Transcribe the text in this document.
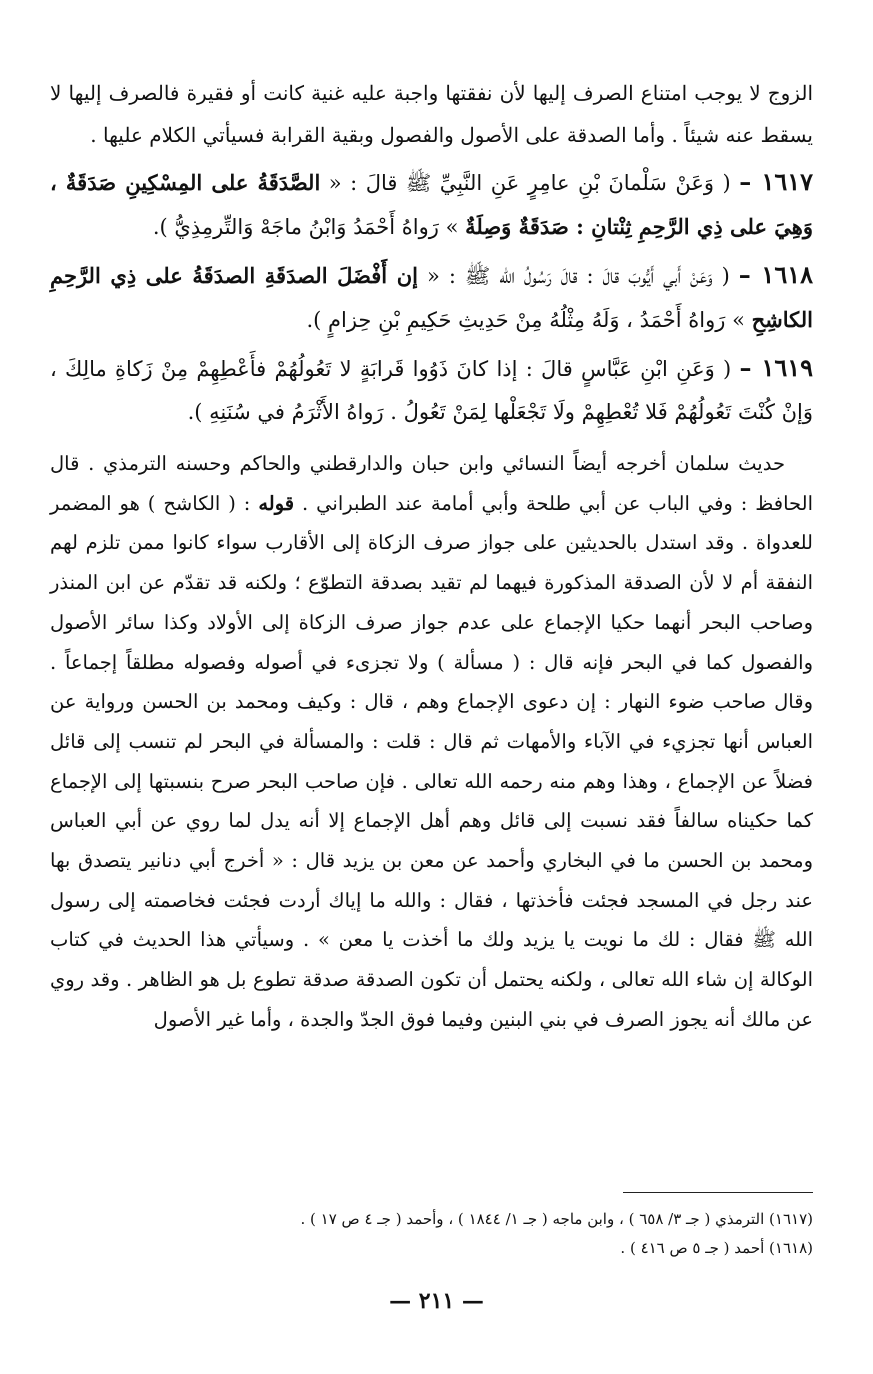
الزوج لا يوجب امتناع الصرف إليها لأن نفقتها واجبة عليه غنية كانت أو فقيرة فالصرف إليها لا يسقط عنه شيئاً . وأما الصدقة على الأصول والفصول وبقية القرابة فسيأتي الكلام عليها .

١٦١٧ – ( وَعَنْ سَلْمانَ بْنِ عامِرٍ عَنِ النَّبِيِّ ﷺ قالَ : « الصَّدَقَةُ على المِسْكِينِ صَدَقَةٌ ، وَهِيَ على ذِي الرَّحِمِ ثِنْتانِ : صَدَقَةٌ وَصِلَةٌ » رَواهُ أَحْمَدُ وَابْنُ ماجَهْ وَالتِّرمِذِيُّ ).

١٦١٨ – ( وَعَنْ أَبي أَيُّوبَ قالَ : قالَ رَسُولُ الله ﷺ : « إن أَفْضَلَ الصدَقَةِ الصدَقَةُ على ذِي الرَّحِمِ الكاشِحِ » رَواهُ أَحْمَدُ ، وَلَهُ مِثْلُهُ مِنْ حَدِيثِ حَكِيمِ بْنِ حِزامٍ ).

١٦١٩ – ( وَعَنِ ابْنِ عَبَّاسٍ قالَ : إذا كانَ ذَوُوا قَرابَةٍ لا تَعُولُهُمْ فأَعْطِهِمْ مِنْ زَكاةِ مالِكَ ، وَإنْ كُنْتَ تَعُولُهُمْ فَلا تُعْطِهِمْ ولَا تَجْعَلْها لِمَنْ تَعُولُ . رَواهُ الأَثْرَمُ في سُنَنِهِ ).

حديث سلمان أخرجه أيضاً النسائي وابن حبان والدارقطني والحاكم وحسنه الترمذي . قال الحافظ : وفي الباب عن أبي طلحة وأبي أمامة عند الطبراني . قوله : ( الكاشح ) هو المضمر للعدواة . وقد استدل بالحديثين على جواز صرف الزكاة إلى الأقارب سواء كانوا ممن تلزم لهم النفقة أم لا لأن الصدقة المذكورة فيهما لم تقيد بصدقة التطوّع ؛ ولكنه قد تقدّم عن ابن المنذر وصاحب البحر أنهما حكيا الإجماع على عدم جواز صرف الزكاة إلى الأولاد وكذا سائر الأصول والفصول كما في البحر فإنه قال : ( مسألة ) ولا تجزىء في أصوله وفصوله مطلقاً إجماعاً . وقال صاحب ضوء النهار : إن دعوى الإجماع وهم ، قال : وكيف ومحمد بن الحسن ورواية عن العباس أنها تجزيء في الآباء والأمهات ثم قال : قلت : والمسألة في البحر لم تنسب إلى قائل فضلاً عن الإجماع ، وهذا وهم منه رحمه الله تعالى . فإن صاحب البحر صرح بنسبتها إلى الإجماع كما حكيناه سالفاً فقد نسبت إلى قائل وهم أهل الإجماع إلا أنه يدل لما روي عن أبي العباس ومحمد بن الحسن ما في البخاري وأحمد عن معن بن يزيد قال : « أخرج أبي دنانير يتصدق بها عند رجل في المسجد فجئت فأخذتها ، فقال : والله ما إياك أردت فجئت فخاصمته إلى رسول الله ﷺ فقال : لك ما نويت يا يزيد ولك ما أخذت يا معن » . وسيأتي هذا الحديث في كتاب الوكالة إن شاء الله تعالى ، ولكنه يحتمل أن تكون الصدقة صدقة تطوع بل هو الظاهر . وقد روي عن مالك أنه يجوز الصرف في بني البنين وفيما فوق الجدّ والجدة ، وأما غير الأصول

(١٦١٧) الترمذي ( جـ ٣/ ٦٥٨ ) ، وابن ماجه ( جـ ١/ ١٨٤٤ ) ، وأحمد ( جـ ٤ ص ١٧ ) .
(١٦١٨) أحمد ( جـ ٥ ص ٤١٦ ) .
— ٢١١ —
